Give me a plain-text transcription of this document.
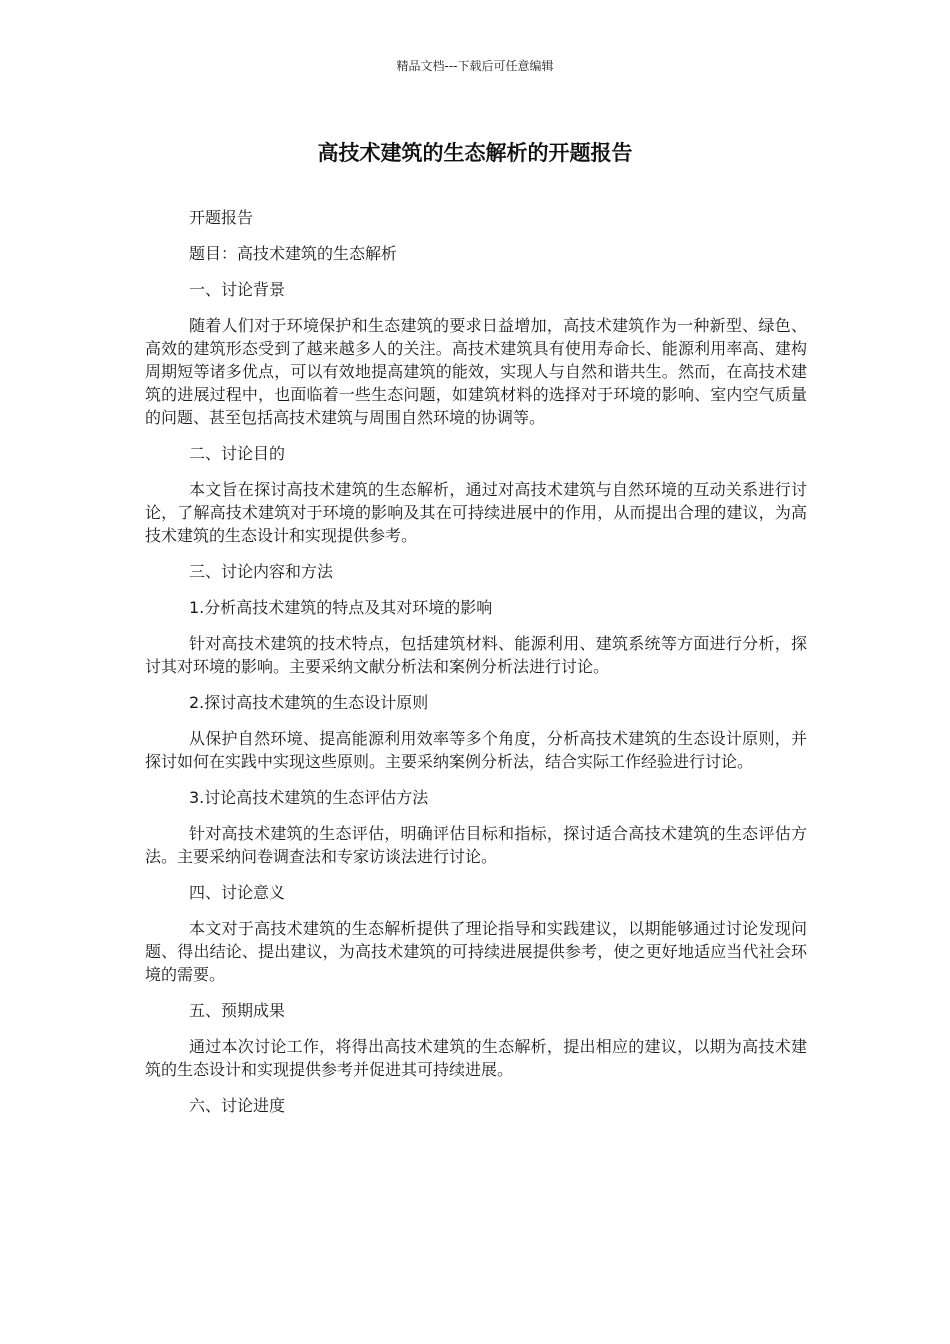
精品文档---下载后可任意编辑
高技术建筑的生态解析的开题报告

开题报告

题目：高技术建筑的生态解析

一、讨论背景

随着人们对于环境保护和生态建筑的要求日益增加，高技术建筑作为一种新型、绿色、高效的建筑形态受到了越来越多人的关注。高技术建筑具有使用寿命长、能源利用率高、建构周期短等诸多优点，可以有效地提高建筑的能效，实现人与自然和谐共生。然而，在高技术建筑的进展过程中，也面临着一些生态问题，如建筑材料的选择对于环境的影响、室内空气质量的问题、甚至包括高技术建筑与周围自然环境的协调等。

二、讨论目的

本文旨在探讨高技术建筑的生态解析，通过对高技术建筑与自然环境的互动关系进行讨论，了解高技术建筑对于环境的影响及其在可持续进展中的作用，从而提出合理的建议，为高技术建筑的生态设计和实现提供参考。

三、讨论内容和方法

1.分析高技术建筑的特点及其对环境的影响

针对高技术建筑的技术特点，包括建筑材料、能源利用、建筑系统等方面进行分析，探讨其对环境的影响。主要采纳文献分析法和案例分析法进行讨论。

2.探讨高技术建筑的生态设计原则

从保护自然环境、提高能源利用效率等多个角度，分析高技术建筑的生态设计原则，并探讨如何在实践中实现这些原则。主要采纳案例分析法，结合实际工作经验进行讨论。

3.讨论高技术建筑的生态评估方法

针对高技术建筑的生态评估，明确评估目标和指标，探讨适合高技术建筑的生态评估方法。主要采纳问卷调查法和专家访谈法进行讨论。

四、讨论意义

本文对于高技术建筑的生态解析提供了理论指导和实践建议，以期能够通过讨论发现问题、得出结论、提出建议，为高技术建筑的可持续进展提供参考，使之更好地适应当代社会环境的需要。

五、预期成果

通过本次讨论工作，将得出高技术建筑的生态解析，提出相应的建议，以期为高技术建筑的生态设计和实现提供参考并促进其可持续进展。

六、讨论进度
